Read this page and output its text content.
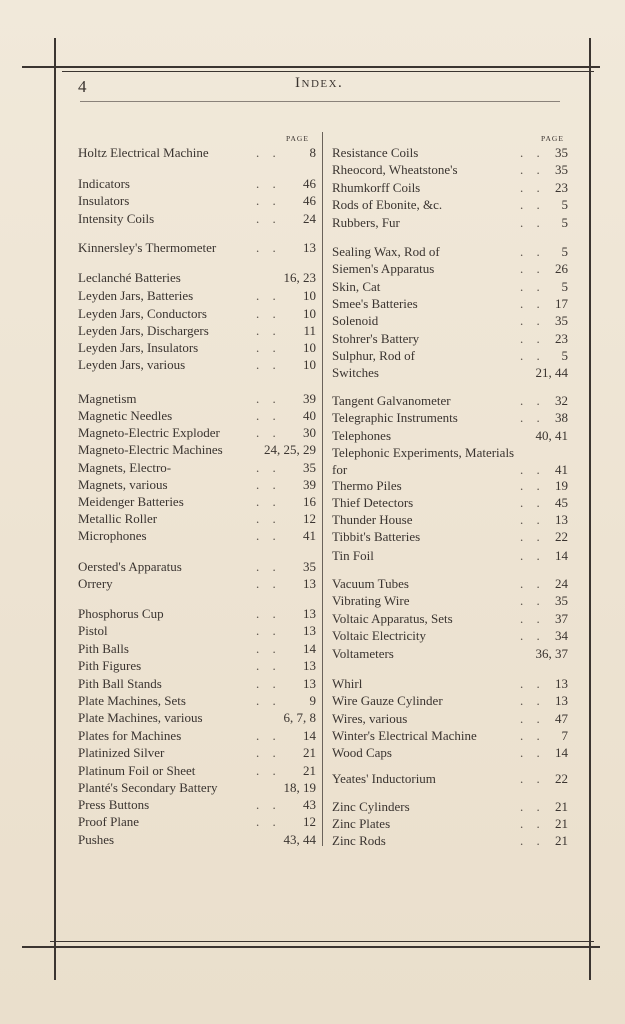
4	Index.
PAGE	PAGE
Holtz Electrical Machine	. . 8
Indicators	. . 46
Insulators	. . 46
Intensity Coils	. . 24
Kinnersley's Thermometer	. . 13
Leclanché Batteries	16, 23
Leyden Jars, Batteries	. . 10
Leyden Jars, Conductors	. . 10
Leyden Jars, Dischargers	. . 11
Leyden Jars, Insulators	. . 10
Leyden Jars, various	. . 10
Magnetism	. . 39
Magnetic Needles	. . 40
Magneto-Electric Exploder	. . 30
Magneto-Electric Machines	24, 25, 29
Magnets, Electro-	. . 35
Magnets, various	. . 39
Meidenger Batteries	. . 16
Metallic Roller	. . 12
Microphones	. . 41
Oersted's Apparatus	. . 35
Orrery	. . 13
Phosphorus Cup	. . 13
Pistol	. . 13
Pith Balls	. . 14
Pith Figures	. . 13
Pith Ball Stands	. . 13
Plate Machines, Sets	. . 9
Plate Machines, various	6, 7, 8
Plates for Machines	. . 14
Platinized Silver	. . 21
Platinum Foil or Sheet	. . 21
Planté's Secondary Battery	18, 19
Press Buttons	. . 43
Proof Plane	. . 12
Pushes	43, 44
Resistance Coils	. . 35
Rheocord, Wheatstone's	. . 35
Rhumkorff Coils	. . 23
Rods of Ebonite, &c.	. . 5
Rubbers, Fur	. . 5
Sealing Wax, Rod of	. . 5
Siemen's Apparatus	. . 26
Skin, Cat	. . 5
Smee's Batteries	. . 17
Solenoid	. . 35
Stohrer's Battery	. . 23
Sulphur, Rod of	. . 5
Switches	21, 44
Tangent Galvanometer	. . 32
Telegraphic Instruments	. . 38
Telephones	40, 41
Telephonic Experiments, Materials
for	. . 41
Thermo Piles	. . 19
Thief Detectors	. . 45
Thunder House	. . 13
Tibbit's Batteries	. . 22
Tin Foil	. . 14
Vacuum Tubes	. . 24
Vibrating Wire	. . 35
Voltaic Apparatus, Sets	. . 37
Voltaic Electricity	. . 34
Voltameters	36, 37
Whirl	. . 13
Wire Gauze Cylinder	. . 13
Wires, various	. . 47
Winter's Electrical Machine	. . 7
Wood Caps	. . 14
Yeates' Inductorium	. . 22
Zinc Cylinders	. . 21
Zinc Plates	. . 21
Zinc Rods	. . 21
